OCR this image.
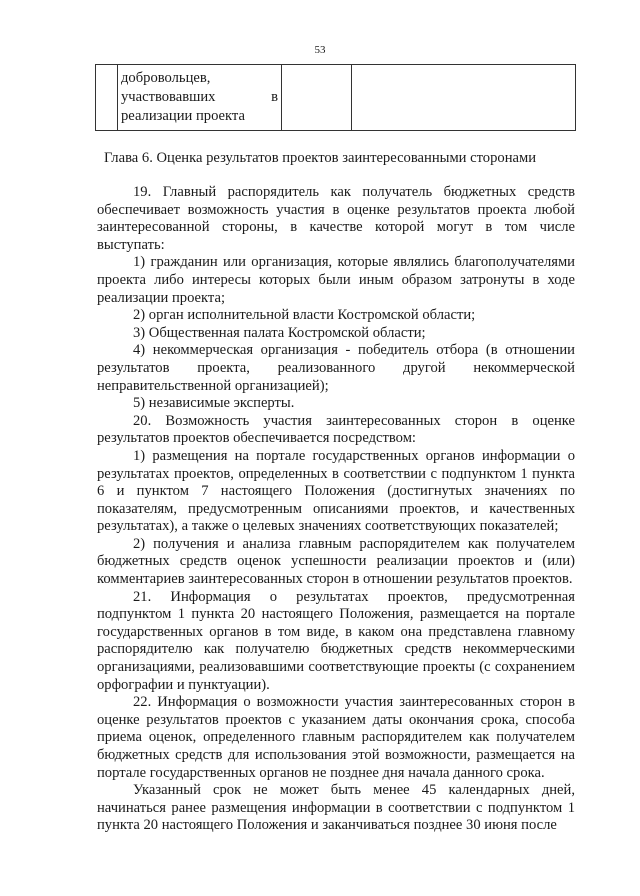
53

добровольцев,
участвовавших	в
реализации проекта

Глава 6. Оценка результатов проектов заинтересованными сторонами

19. Главный распорядитель как получатель бюджетных средств обеспечивает возможность участия в оценке результатов проекта любой заинтересованной стороны, в качестве которой могут в том числе выступать:

1) гражданин или организация, которые являлись благополучателями проекта либо интересы которых были иным образом затронуты в ходе реализации проекта;

2) орган исполнительной власти Костромской области;

3) Общественная палата Костромской области;

4) некоммерческая организация - победитель отбора (в отношении результатов проекта, реализованного другой некоммерческой неправительственной организацией);

5) независимые эксперты.

20. Возможность участия заинтересованных сторон в оценке результатов проектов обеспечивается посредством:

1) размещения на портале государственных органов информации о результатах проектов, определенных в соответствии с подпунктом 1 пункта 6 и пунктом 7 настоящего Положения (достигнутых значениях по показателям, предусмотренным описаниями проектов, и качественных результатах), а также о целевых значениях соответствующих показателей;

2) получения и анализа главным распорядителем как получателем бюджетных средств оценок успешности реализации проектов и (или) комментариев заинтересованных сторон в отношении результатов проектов.

21. Информация о результатах проектов, предусмотренная подпунктом 1 пункта 20 настоящего Положения, размещается на портале государственных органов в том виде, в каком она представлена главному распорядителю как получателю бюджетных средств некоммерческими организациями, реализовавшими соответствующие проекты (с сохранением орфографии и пунктуации).

22. Информация о возможности участия заинтересованных сторон в оценке результатов проектов с указанием даты окончания срока, способа приема оценок, определенного главным распорядителем как получателем бюджетных средств для использования этой возможности, размещается на портале государственных органов не позднее дня начала данного срока.

Указанный срок не может быть менее 45 календарных дней, начинаться ранее размещения информации в соответствии с подпунктом 1 пункта 20 настоящего Положения и заканчиваться позднее 30 июня после
